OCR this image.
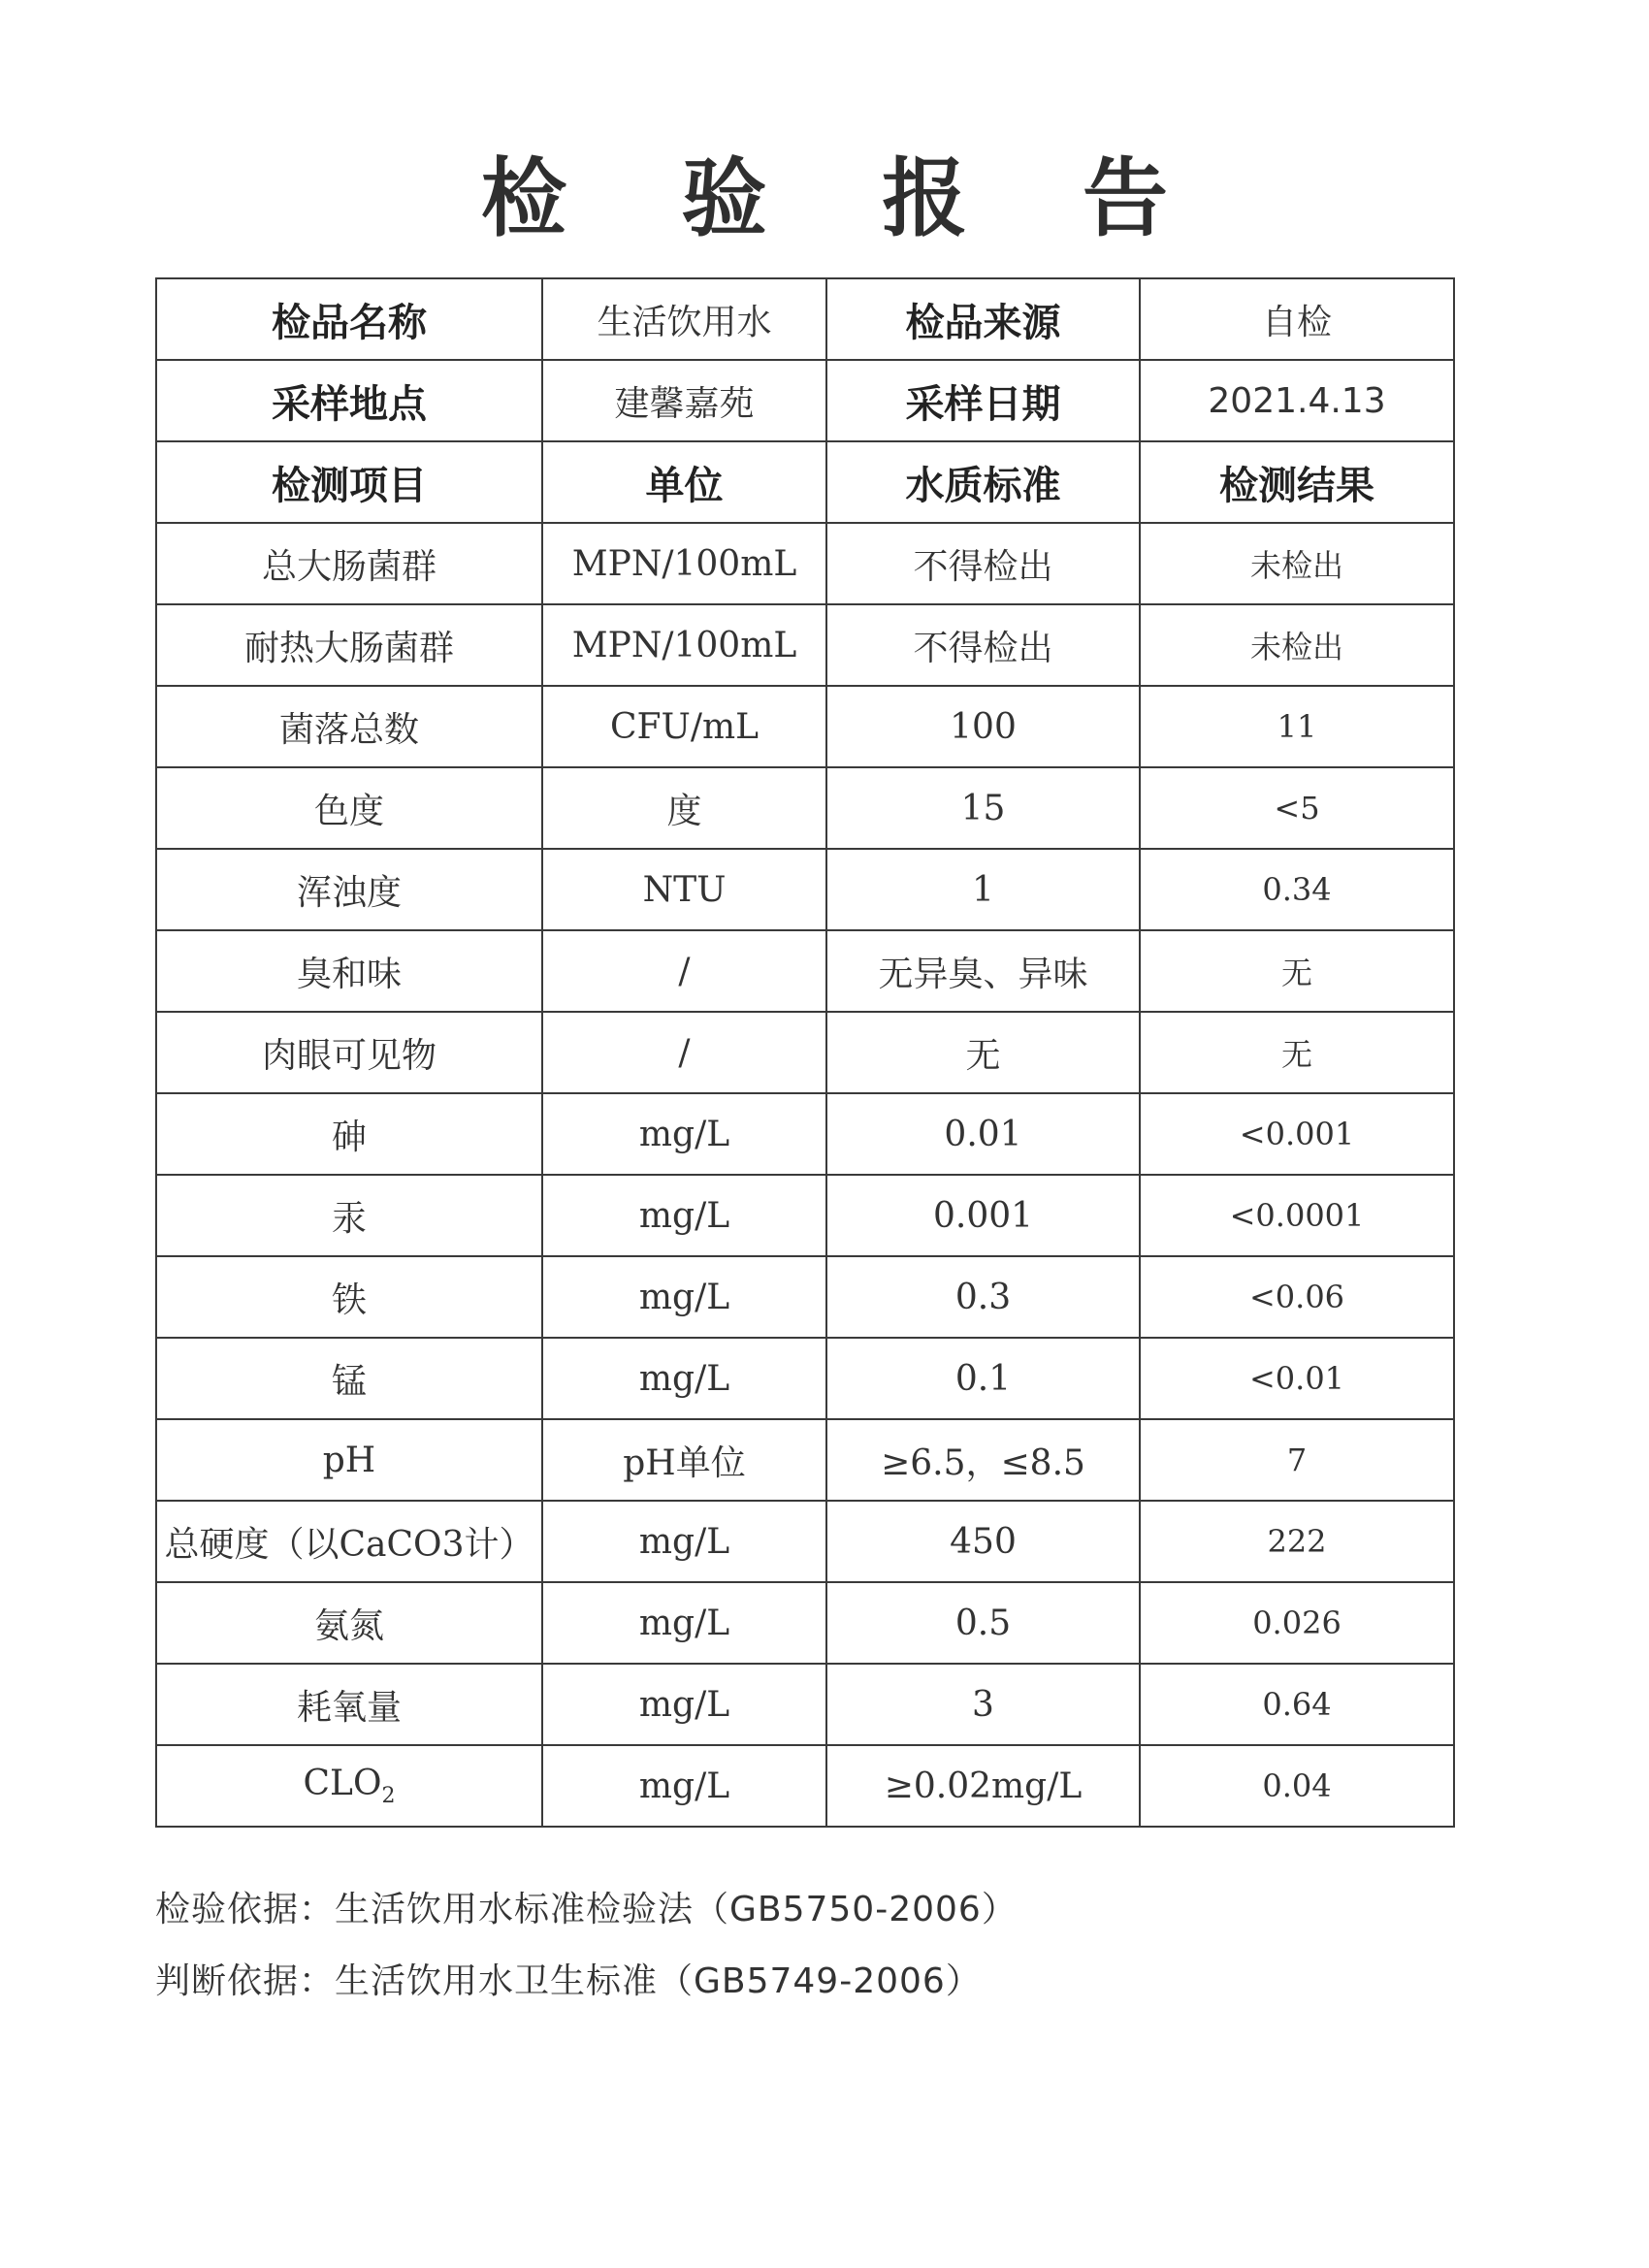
检 验 报 告
检品名称	生活饮用水	检品来源	自检
采样地点	建馨嘉苑	采样日期	2021.4.13
检测项目	单位	水质标准	检测结果
总大肠菌群	MPN/100mL	不得检出	未检出
耐热大肠菌群	MPN/100mL	不得检出	未检出
菌落总数	CFU/mL	100	11
色度	度	15	<5
浑浊度	NTU	1	0.34
臭和味	/	无异臭、异味	无
肉眼可见物	/	无	无
砷	mg/L	0.01	<0.001
汞	mg/L	0.001	<0.0001
铁	mg/L	0.3	<0.06
锰	mg/L	0.1	<0.01
pH	pH单位	≥6.5，≤8.5	7
总硬度（以CaCO3计）	mg/L	450	222
氨氮	mg/L	0.5	0.026
耗氧量	mg/L	3	0.64
$CLO_2$	mg/L	≥0.02mg/L	0.04
检验依据：生活饮用水标准检验法（GB5750-2006）
判断依据：生活饮用水卫生标准（GB5749-2006）
